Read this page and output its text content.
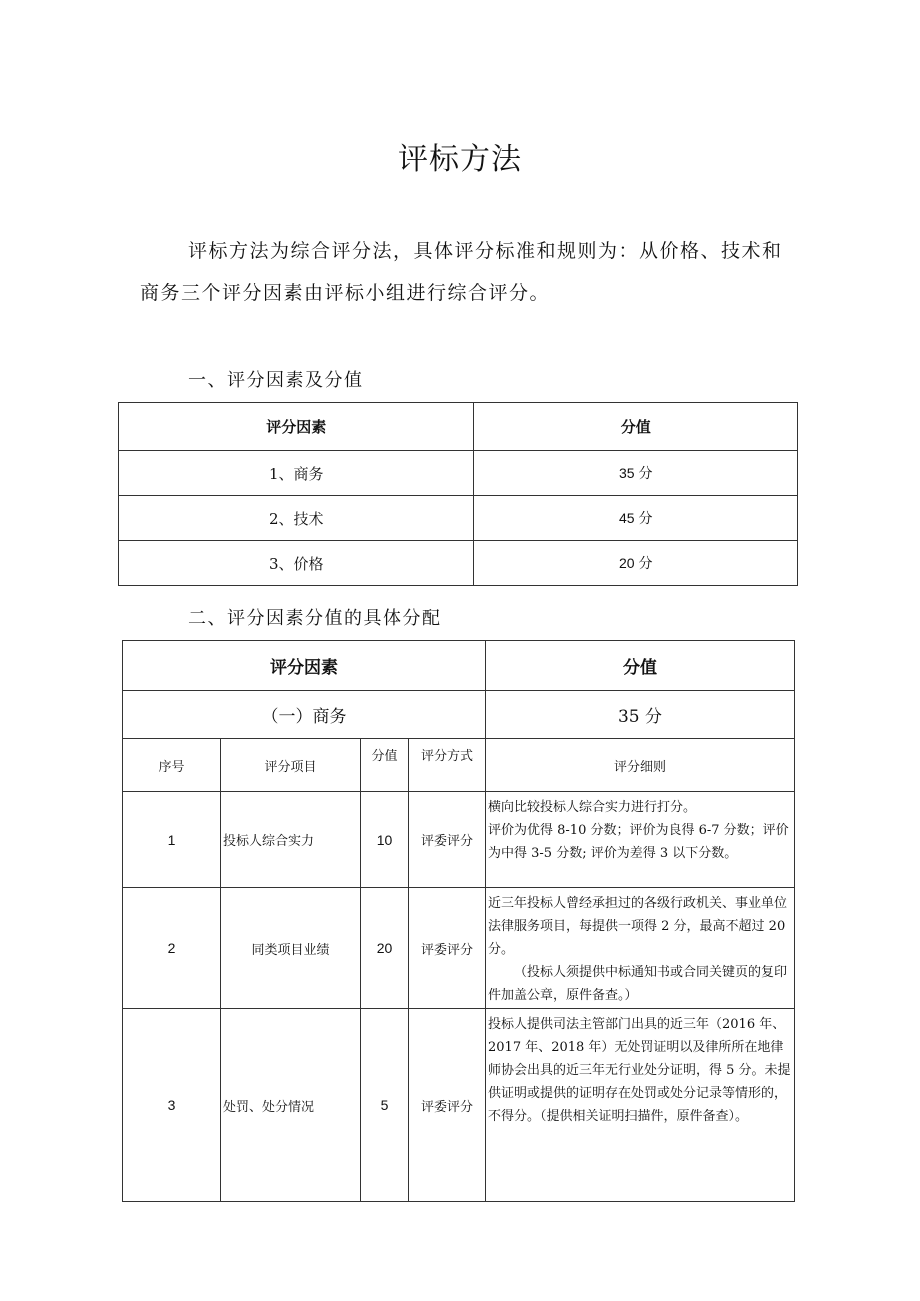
评标方法

评标方法为综合评分法，具体评分标准和规则为：从价格、技术和商务三个评分因素由评标小组进行综合评分。

一、评分因素及分值
评分因素	分值
1、商务	35 分
2、技术	45 分
3、价格	20 分
二、评分因素分值的具体分配
评分因素				分值
（一）商务				35 分
序号	评分项目	分值	评分方式	评分细则
1	投标人综合实力	10	评委评分	横向比较投标人综合实力进行打分。

评价为优得 8-10 分数；评价为良得 6-7 分数；评价为中得 3-5 分数; 评价为差得 3 以下分数。

2	同类项目业绩	20	评委评分	近三年投标人曾经承担过的各级行政机关、事业单位法律服务项目，每提供一项得 2 分，最高不超过 20 分。

（投标人须提供中标通知书或合同关键页的复印件加盖公章，原件备查。）

3	处罚、处分情况	5	评委评分	投标人提供司法主管部门出具的近三年（2016 年、2017 年、2018 年）无处罚证明以及律所所在地律师协会出具的近三年无行业处分证明，得 5 分。未提供证明或提供的证明存在处罚或处分记录等情形的，不得分。（提供相关证明扫描件，原件备查）。
